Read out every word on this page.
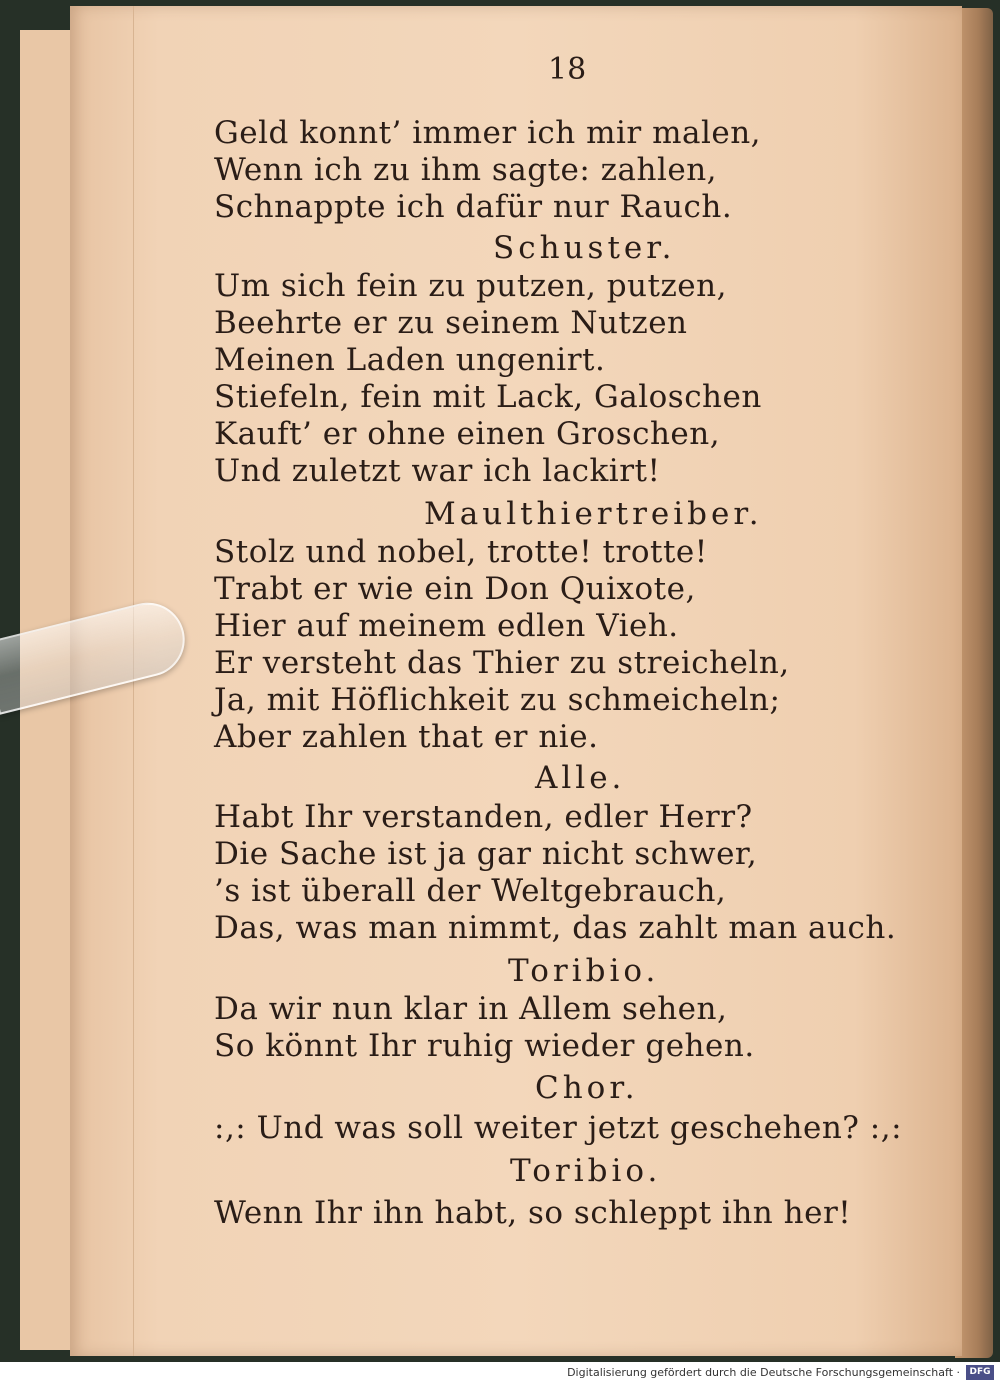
18
Geld konnt’ immer ich mir malen,
Wenn ich zu ihm sagte: zahlen,
Schnappte ich dafür nur Rauch.
Schuster.
Um sich fein zu putzen, putzen,
Beehrte er zu seinem Nutzen
Meinen Laden ungenirt.
Stiefeln, fein mit Lack, Galoschen
Kauft’ er ohne einen Groschen,
Und zuletzt war ich lackirt!
Maulthiertreiber.
Stolz und nobel, trotte! trotte!
Trabt er wie ein Don Quixote,
Hier auf meinem edlen Vieh.
Er versteht das Thier zu streicheln,
Ja, mit Höflichkeit zu schmeicheln;
Aber zahlen that er nie.
Alle.
Habt Ihr verstanden, edler Herr?
Die Sache ist ja gar nicht schwer,
’s ist überall der Weltgebrauch,
Das, was man nimmt, das zahlt man auch.
Toribio.
Da wir nun klar in Allem sehen,
So könnt Ihr ruhig wieder gehen.
Chor.
:,: Und was soll weiter jetzt geschehen? :,:
Toribio.
Wenn Ihr ihn habt, so schleppt ihn her!
Digitalisierung gefördert durch die Deutsche Forschungsgemeinschaft ·	DFG
